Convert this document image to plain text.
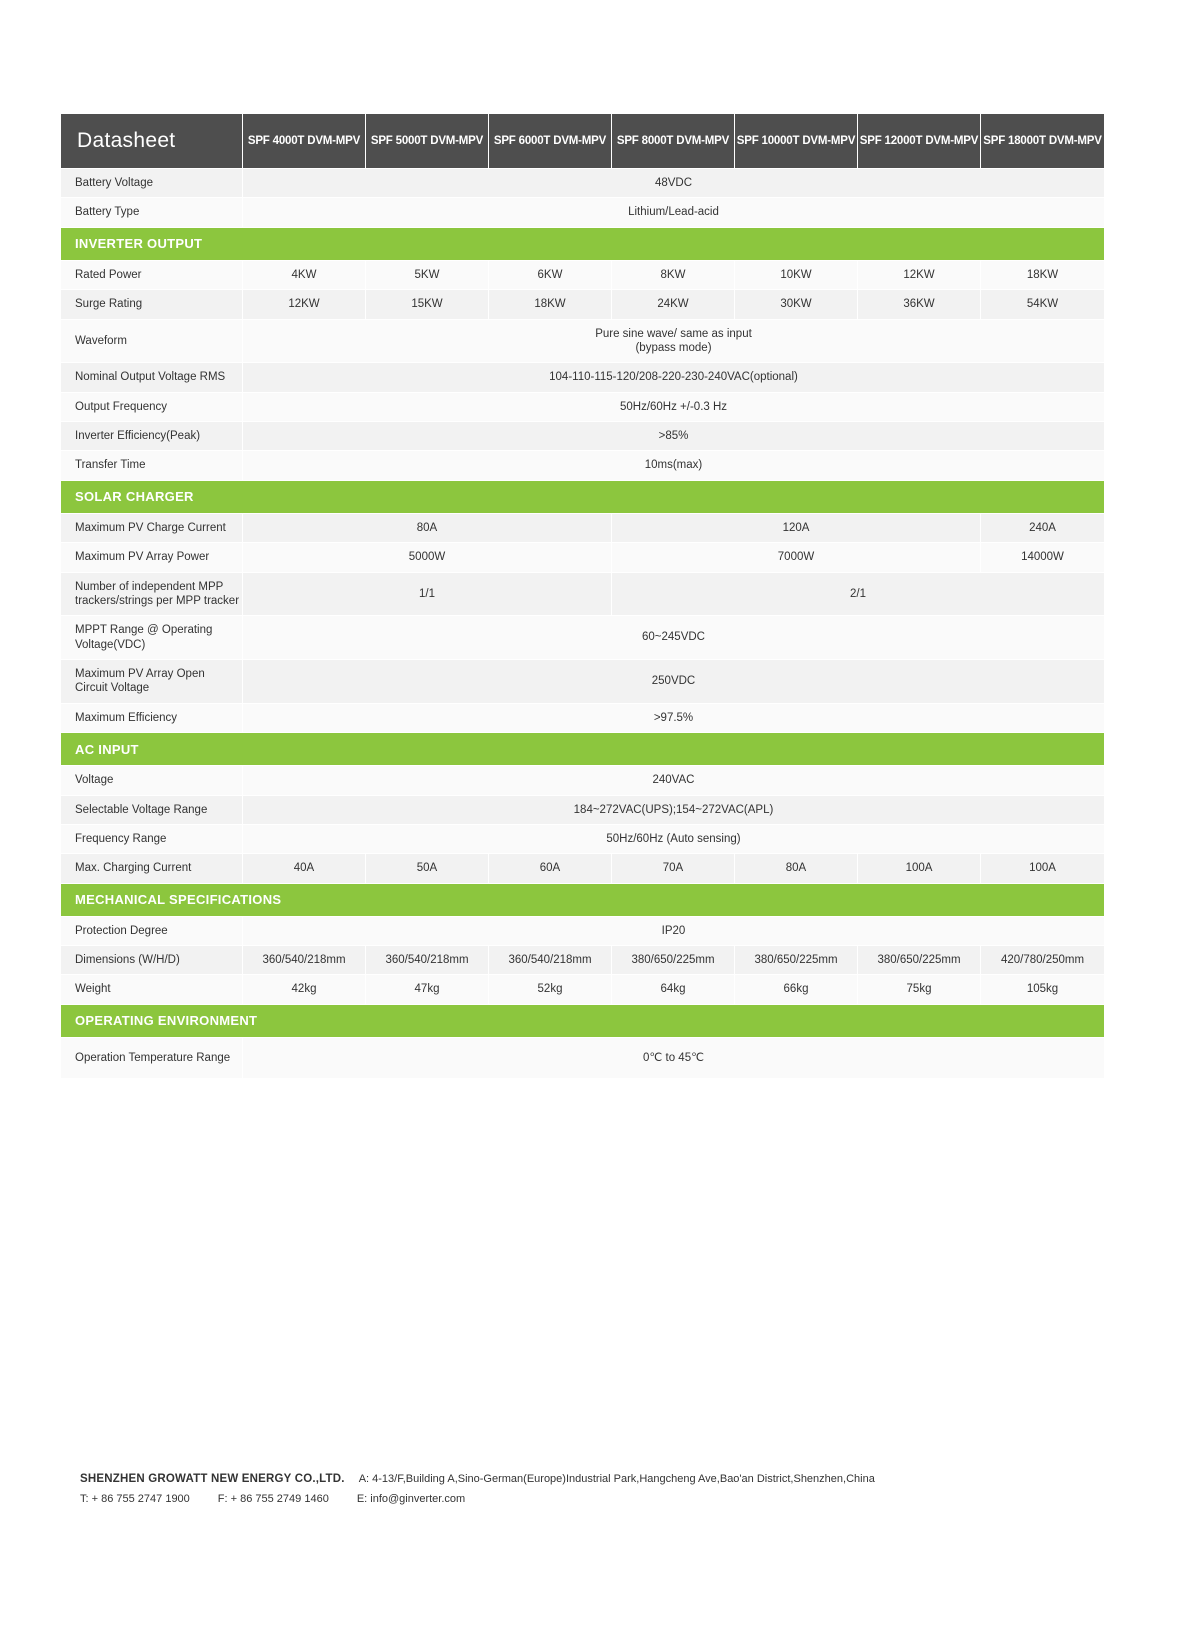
Datasheet	SPF 4000T DVM-MPV	SPF 5000T DVM-MPV	SPF 6000T DVM-MPV	SPF 8000T DVM-MPV	SPF 10000T DVM-MPV	SPF 12000T DVM-MPV	SPF 18000T DVM-MPV
Battery Voltage	48VDC						
Battery Type	Lithium/Lead-acid						
INVERTER OUTPUT							
Rated Power	4KW	5KW	6KW	8KW	10KW	12KW	18KW
Surge Rating	12KW	15KW	18KW	24KW	30KW	36KW	54KW
Waveform	Pure sine wave/ same as input
(bypass mode)						

Nominal Output Voltage RMS	104-110-115-120/208-220-230-240VAC(optional)						
Output Frequency	50Hz/60Hz +/-0.3 Hz						
Inverter Efficiency(Peak)	>85%						
Transfer Time	10ms(max)						
SOLAR CHARGER							
Maximum PV Charge Current	80A			120A			240A
Maximum PV Array Power	5000W			7000W			14000W

Number of independent MPP
trackers/strings per MPP tracker	1/1			2/1			

MPPT Range @ Operating
Voltage(VDC)	60~245VDC						

Maximum PV Array Open
Circuit Voltage	250VDC						
Maximum Efficiency	>97.5%						
AC INPUT							
Voltage	240VAC						
Selectable Voltage Range	184~272VAC(UPS);154~272VAC(APL)						
Frequency Range	50Hz/60Hz (Auto sensing)						
Max. Charging Current	40A	50A	60A	70A	80A	100A	100A
MECHANICAL SPECIFICATIONS							
Protection Degree	IP20						
Dimensions (W/H/D)	360/540/218mm	360/540/218mm	360/540/218mm	380/650/225mm	380/650/225mm	380/650/225mm	420/780/250mm
Weight	42kg	47kg	52kg	64kg	66kg	75kg	105kg
OPERATING ENVIRONMENT							
Operation Temperature Range	0℃ to 45℃						
SHENZHEN GROWATT NEW ENERGY CO.,LTD. A: 4-13/F,Building A,Sino-German(Europe)Industrial Park,Hangcheng Ave,Bao'an District,Shenzhen,China
T: + 86 755 2747 1900	F: + 86 755 2749 1460	E: info@ginverter.com
